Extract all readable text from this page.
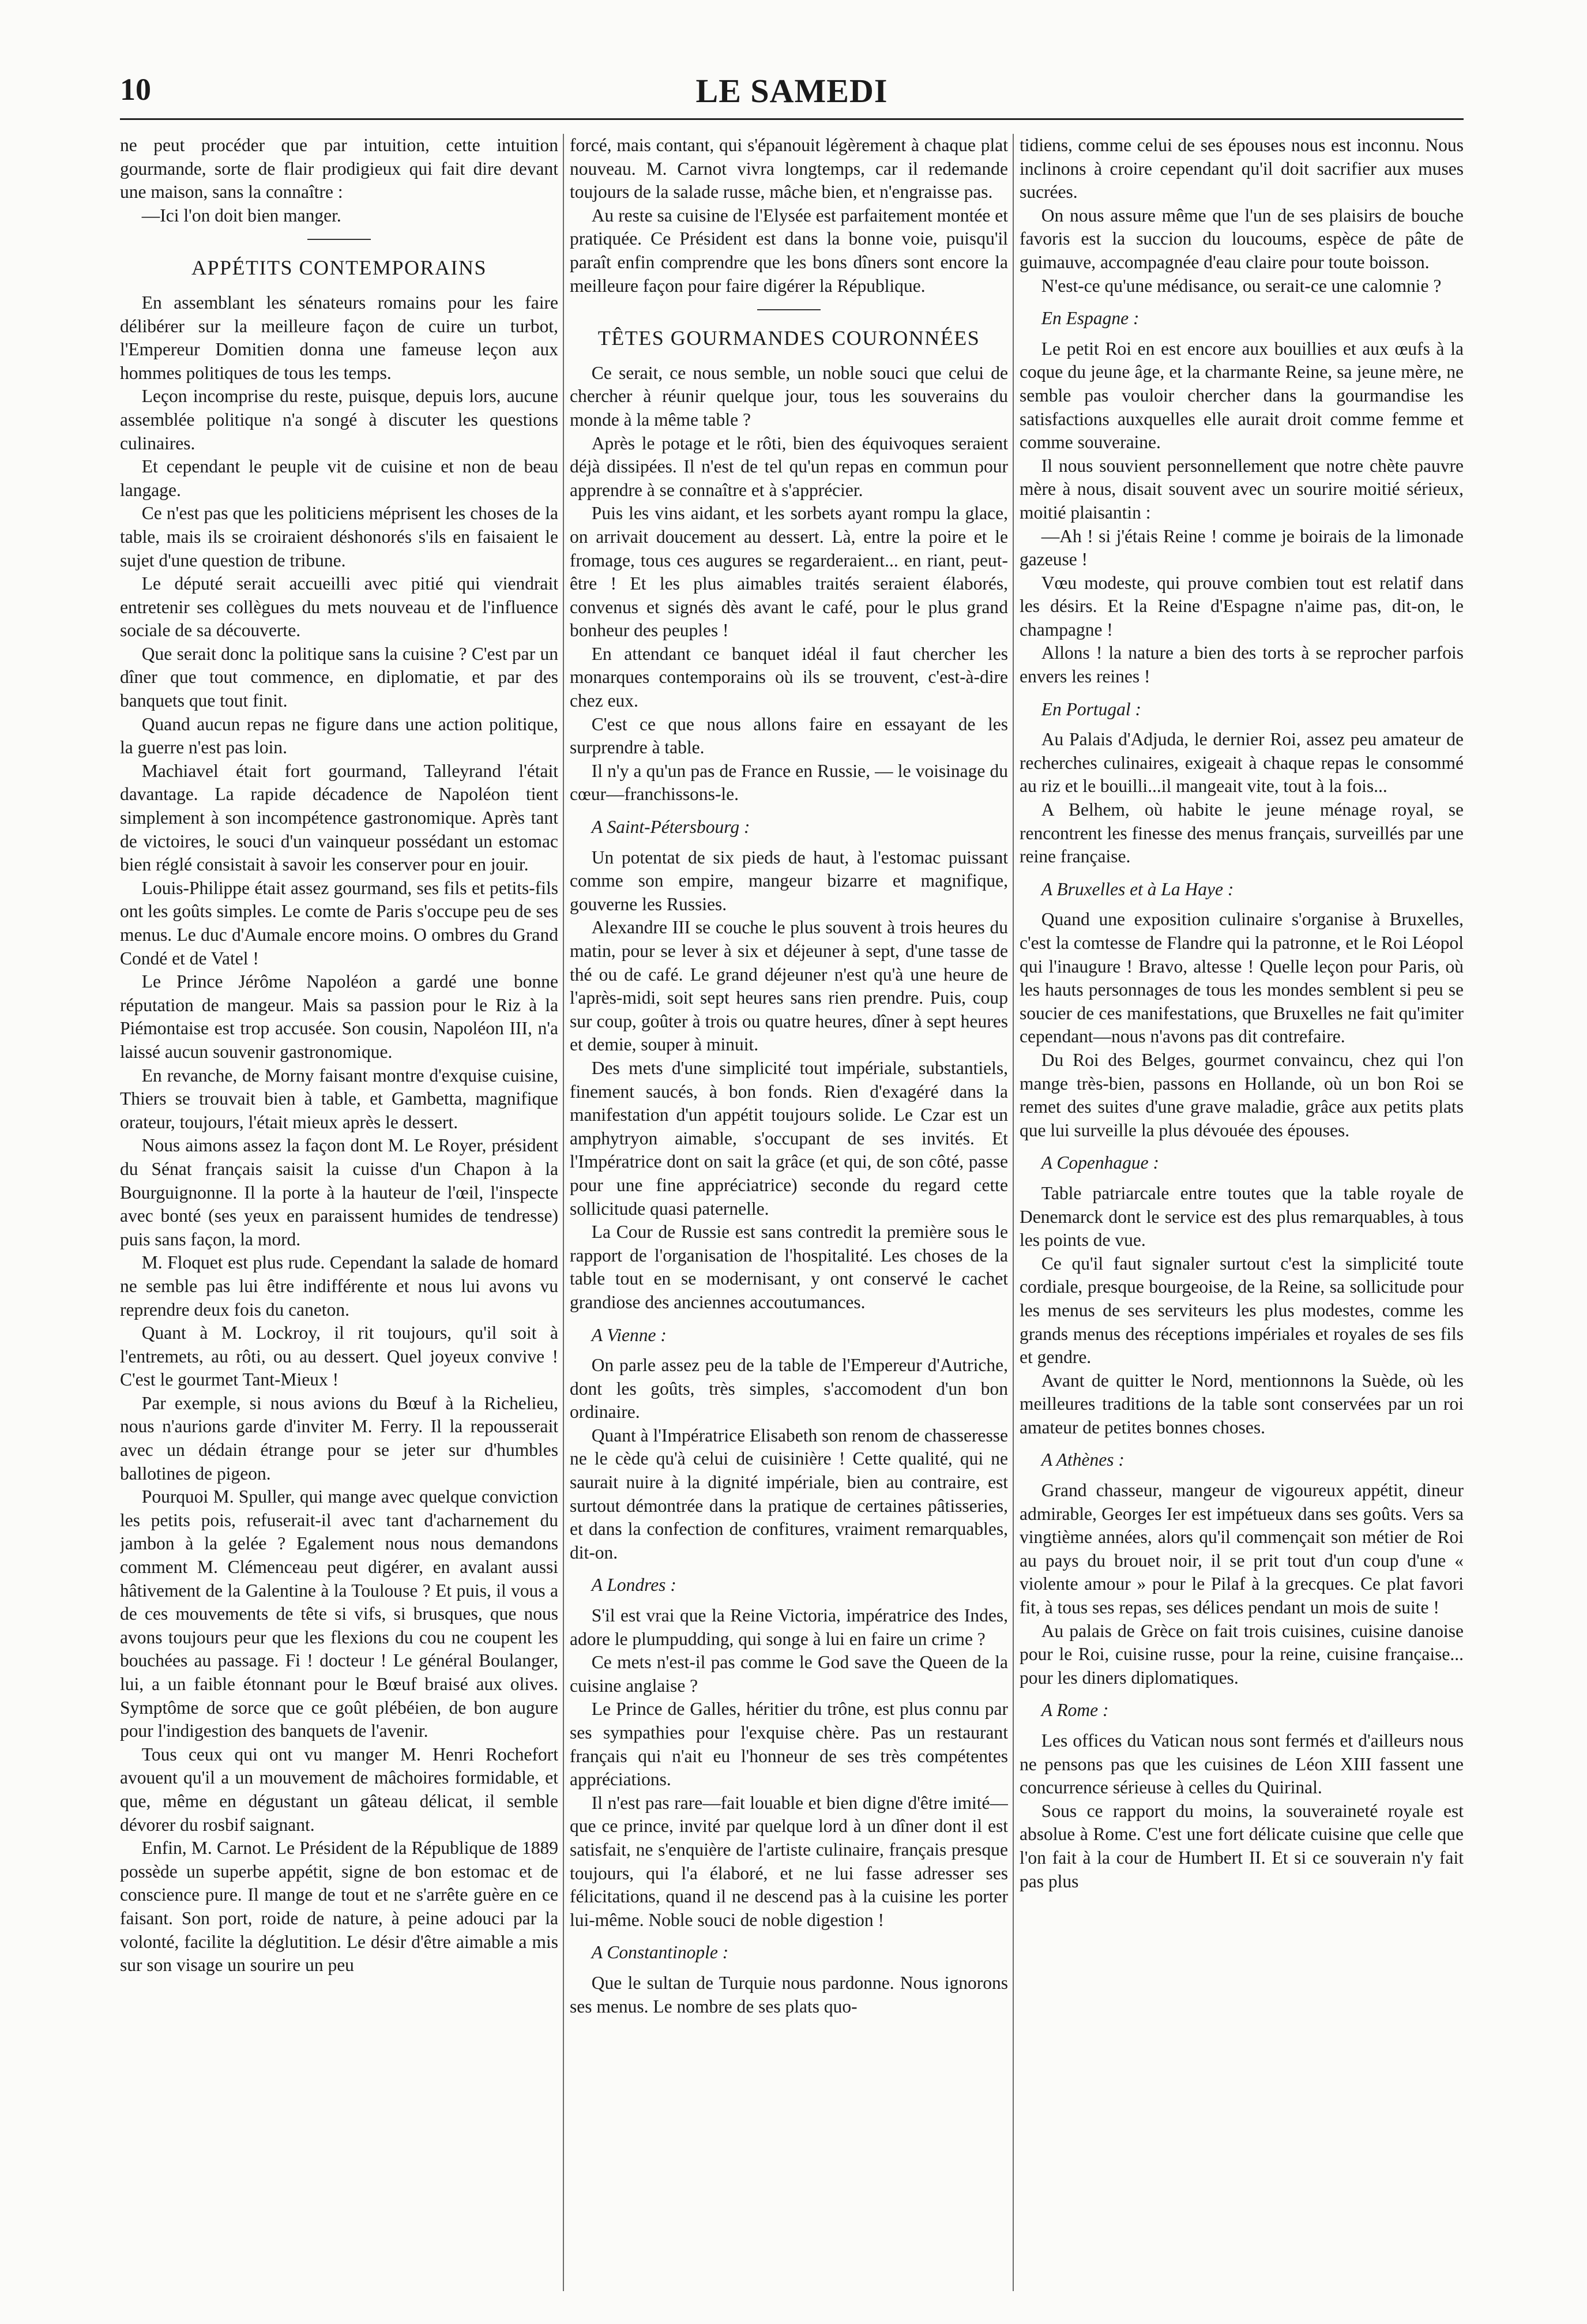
10	LE SAMEDI

ne peut procéder que par intuition, cette intuition gourmande, sorte de flair prodigieux qui fait dire devant une maison, sans la connaître :

—Ici l'on doit bien manger.

APPÉTITS CONTEMPORAINS

En assemblant les sénateurs romains pour les faire délibérer sur la meilleure façon de cuire un turbot, l'Empereur Domitien donna une fameuse leçon aux hommes politiques de tous les temps.

Leçon incomprise du reste, puisque, depuis lors, aucune assemblée politique n'a songé à discuter les questions culinaires.

Et cependant le peuple vit de cuisine et non de beau langage.

Ce n'est pas que les politiciens méprisent les choses de la table, mais ils se croiraient déshonorés s'ils en faisaient le sujet d'une question de tribune.

Le député serait accueilli avec pitié qui viendrait entretenir ses collègues du mets nouveau et de l'influence sociale de sa découverte.

Que serait donc la politique sans la cuisine ? C'est par un dîner que tout commence, en diplomatie, et par des banquets que tout finit.

Quand aucun repas ne figure dans une action politique, la guerre n'est pas loin.

Machiavel était fort gourmand, Talleyrand l'était davantage. La rapide décadence de Napoléon tient simplement à son incompétence gastronomique. Après tant de victoires, le souci d'un vainqueur possédant un estomac bien réglé consistait à savoir les conserver pour en jouir.

Louis-Philippe était assez gourmand, ses fils et petits-fils ont les goûts simples. Le comte de Paris s'occupe peu de ses menus. Le duc d'Aumale encore moins. O ombres du Grand Condé et de Vatel !

Le Prince Jérôme Napoléon a gardé une bonne réputation de mangeur. Mais sa passion pour le Riz à la Piémontaise est trop accusée. Son cousin, Napoléon III, n'a laissé aucun souvenir gastronomique.

En revanche, de Morny faisant montre d'exquise cuisine, Thiers se trouvait bien à table, et Gambetta, magnifique orateur, toujours, l'était mieux après le dessert.

Nous aimons assez la façon dont M. Le Royer, président du Sénat français saisit la cuisse d'un Chapon à la Bourguignonne. Il la porte à la hauteur de l'œil, l'inspecte avec bonté (ses yeux en paraissent humides de tendresse) puis sans façon, la mord.

M. Floquet est plus rude. Cependant la salade de homard ne semble pas lui être indifférente et nous lui avons vu reprendre deux fois du caneton.

Quant à M. Lockroy, il rit toujours, qu'il soit à l'entremets, au rôti, ou au dessert. Quel joyeux convive ! C'est le gourmet Tant-Mieux !

Par exemple, si nous avions du Bœuf à la Richelieu, nous n'aurions garde d'inviter M. Ferry. Il la repousserait avec un dédain étrange pour se jeter sur d'humbles ballotines de pigeon.

Pourquoi M. Spuller, qui mange avec quelque conviction les petits pois, refuserait-il avec tant d'acharnement du jambon à la gelée ? Egalement nous nous demandons comment M. Clémenceau peut digérer, en avalant aussi hâtivement de la Galentine à la Toulouse ? Et puis, il vous a de ces mouvements de tête si vifs, si brusques, que nous avons toujours peur que les flexions du cou ne coupent les bouchées au passage. Fi ! docteur ! Le général Boulanger, lui, a un faible étonnant pour le Bœuf braisé aux olives. Symptôme de sorce que ce goût plébéien, de bon augure pour l'indigestion des banquets de l'avenir.

Tous ceux qui ont vu manger M. Henri Rochefort avouent qu'il a un mouvement de mâchoires formidable, et que, même en dégustant un gâteau délicat, il semble dévorer du rosbif saignant.

Enfin, M. Carnot. Le Président de la République de 1889 possède un superbe appétit, signe de bon estomac et de conscience pure. Il mange de tout et ne s'arrête guère en ce faisant. Son port, roide de nature, à peine adouci par la volonté, facilite la déglutition. Le désir d'être aimable a mis sur son visage un sourire un peu

forcé, mais contant, qui s'épanouit légèrement à chaque plat nouveau. M. Carnot vivra longtemps, car il redemande toujours de la salade russe, mâche bien, et n'engraisse pas.

Au reste sa cuisine de l'Elysée est parfaitement montée et pratiquée. Ce Président est dans la bonne voie, puisqu'il paraît enfin comprendre que les bons dîners sont encore la meilleure façon pour faire digérer la République.

TÊTES GOURMANDES COURONNÉES

Ce serait, ce nous semble, un noble souci que celui de chercher à réunir quelque jour, tous les souverains du monde à la même table ?

Après le potage et le rôti, bien des équivoques seraient déjà dissipées. Il n'est de tel qu'un repas en commun pour apprendre à se connaître et à s'apprécier.

Puis les vins aidant, et les sorbets ayant rompu la glace, on arrivait doucement au dessert. Là, entre la poire et le fromage, tous ces augures se regarderaient... en riant, peut-être ! Et les plus aimables traités seraient élaborés, convenus et signés dès avant le café, pour le plus grand bonheur des peuples !

En attendant ce banquet idéal il faut chercher les monarques contemporains où ils se trouvent, c'est-à-dire chez eux.

C'est ce que nous allons faire en essayant de les surprendre à table.

Il n'y a qu'un pas de France en Russie, — le voisinage du cœur—franchissons-le.

A Saint-Pétersbourg :

Un potentat de six pieds de haut, à l'estomac puissant comme son empire, mangeur bizarre et magnifique, gouverne les Russies.

Alexandre III se couche le plus souvent à trois heures du matin, pour se lever à six et déjeuner à sept, d'une tasse de thé ou de café. Le grand déjeuner n'est qu'à une heure de l'après-midi, soit sept heures sans rien prendre. Puis, coup sur coup, goûter à trois ou quatre heures, dîner à sept heures et demie, souper à minuit.

Des mets d'une simplicité tout impériale, substantiels, finement saucés, à bon fonds. Rien d'exagéré dans la manifestation d'un appétit toujours solide. Le Czar est un amphytryon aimable, s'occupant de ses invités. Et l'Impératrice dont on sait la grâce (et qui, de son côté, passe pour une fine appréciatrice) seconde du regard cette sollicitude quasi paternelle.

La Cour de Russie est sans contredit la première sous le rapport de l'organisation de l'hospitalité. Les choses de la table tout en se modernisant, y ont conservé le cachet grandiose des anciennes accoutumances.

A Vienne :

On parle assez peu de la table de l'Empereur d'Autriche, dont les goûts, très simples, s'accomodent d'un bon ordinaire.

Quant à l'Impératrice Elisabeth son renom de chasseresse ne le cède qu'à celui de cuisinière ! Cette qualité, qui ne saurait nuire à la dignité impériale, bien au contraire, est surtout démontrée dans la pratique de certaines pâtisseries, et dans la confection de confitures, vraiment remarquables, dit-on.

A Londres :

S'il est vrai que la Reine Victoria, impératrice des Indes, adore le plumpudding, qui songe à lui en faire un crime ?

Ce mets n'est-il pas comme le God save the Queen de la cuisine anglaise ?

Le Prince de Galles, héritier du trône, est plus connu par ses sympathies pour l'exquise chère. Pas un restaurant français qui n'ait eu l'honneur de ses très compétentes appréciations.

Il n'est pas rare—fait louable et bien digne d'être imité—que ce prince, invité par quelque lord à un dîner dont il est satisfait, ne s'enquière de l'artiste culinaire, français presque toujours, qui l'a élaboré, et ne lui fasse adresser ses félicitations, quand il ne descend pas à la cuisine les porter lui-même. Noble souci de noble digestion !

A Constantinople :

Que le sultan de Turquie nous pardonne. Nous ignorons ses menus. Le nombre de ses plats quo-

tidiens, comme celui de ses épouses nous est inconnu. Nous inclinons à croire cependant qu'il doit sacrifier aux muses sucrées.

On nous assure même que l'un de ses plaisirs de bouche favoris est la succion du loucoums, espèce de pâte de guimauve, accompagnée d'eau claire pour toute boisson.

N'est-ce qu'une médisance, ou serait-ce une calomnie ?

En Espagne :

Le petit Roi en est encore aux bouillies et aux œufs à la coque du jeune âge, et la charmante Reine, sa jeune mère, ne semble pas vouloir chercher dans la gourmandise les satisfactions auxquelles elle aurait droit comme femme et comme souveraine.

Il nous souvient personnellement que notre chète pauvre mère à nous, disait souvent avec un sourire moitié sérieux, moitié plaisantin :

—Ah ! si j'étais Reine ! comme je boirais de la limonade gazeuse !

Vœu modeste, qui prouve combien tout est relatif dans les désirs. Et la Reine d'Espagne n'aime pas, dit-on, le champagne !

Allons ! la nature a bien des torts à se reprocher parfois envers les reines !

En Portugal :

Au Palais d'Adjuda, le dernier Roi, assez peu amateur de recherches culinaires, exigeait à chaque repas le consommé au riz et le bouilli...il mangeait vite, tout à la fois...

A Belhem, où habite le jeune ménage royal, se rencontrent les finesse des menus français, surveillés par une reine française.

A Bruxelles et à La Haye :

Quand une exposition culinaire s'organise à Bruxelles, c'est la comtesse de Flandre qui la patronne, et le Roi Léopol qui l'inaugure ! Bravo, altesse ! Quelle leçon pour Paris, où les hauts personnages de tous les mondes semblent si peu se soucier de ces manifestations, que Bruxelles ne fait qu'imiter cependant—nous n'avons pas dit contrefaire.

Du Roi des Belges, gourmet convaincu, chez qui l'on mange très-bien, passons en Hollande, où un bon Roi se remet des suites d'une grave maladie, grâce aux petits plats que lui surveille la plus dévouée des épouses.

A Copenhague :

Table patriarcale entre toutes que la table royale de Denemarck dont le service est des plus remarquables, à tous les points de vue.

Ce qu'il faut signaler surtout c'est la simplicité toute cordiale, presque bourgeoise, de la Reine, sa sollicitude pour les menus de ses serviteurs les plus modestes, comme les grands menus des réceptions impériales et royales de ses fils et gendre.

Avant de quitter le Nord, mentionnons la Suède, où les meilleures traditions de la table sont conservées par un roi amateur de petites bonnes choses.

A Athènes :

Grand chasseur, mangeur de vigoureux appétit, dineur admirable, Georges Ier est impétueux dans ses goûts. Vers sa vingtième années, alors qu'il commençait son métier de Roi au pays du brouet noir, il se prit tout d'un coup d'une « violente amour » pour le Pilaf à la grecques. Ce plat favori fit, à tous ses repas, ses délices pendant un mois de suite !

Au palais de Grèce on fait trois cuisines, cuisine danoise pour le Roi, cuisine russe, pour la reine, cuisine française... pour les diners diplomatiques.

A Rome :

Les offices du Vatican nous sont fermés et d'ailleurs nous ne pensons pas que les cuisines de Léon XIII fassent une concurrence sérieuse à celles du Quirinal.

Sous ce rapport du moins, la souveraineté royale est absolue à Rome. C'est une fort délicate cuisine que celle que l'on fait à la cour de Humbert II. Et si ce souverain n'y fait pas plus
